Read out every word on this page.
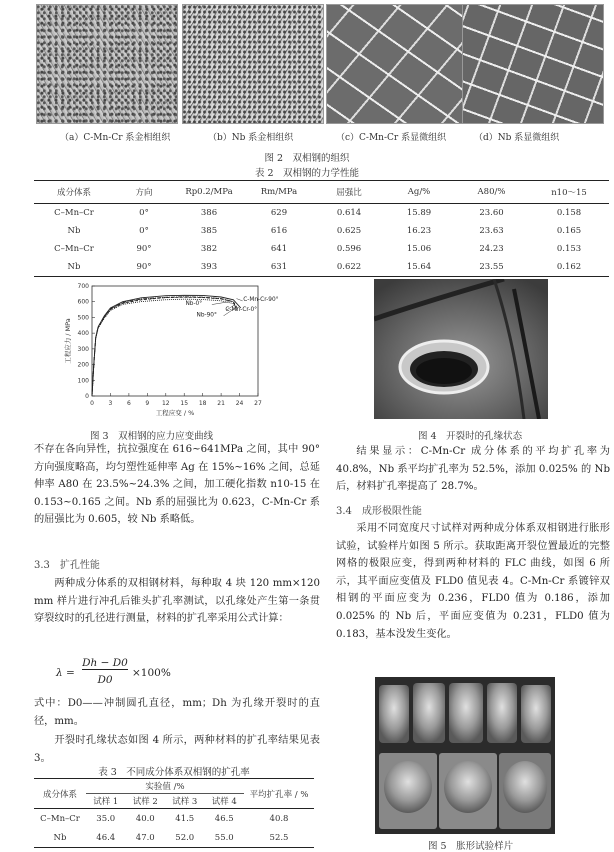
（a）C-Mn-Cr 系金相组织	（b）Nb 系金相组织	（c）C-Mn-Cr 系显微组织	（d）Nb 系显微组织
图 2　双相钢的组织
表 2　双相钢的力学性能
成分体系	方向	Rp0.2/MPa	Rm/MPa	屈强比	Ag/%	A80/%	n10～15
C–Mn–Cr	0°	386	629	0.614	15.89	23.60	0.158
Nb	0°	385	616	0.625	16.23	23.63	0.165
C–Mn–Cr	90°	382	641	0.596	15.06	24.23	0.153
Nb	90°	393	631	0.622	15.64	23.55	0.162
0 3 6 9 12 15 18 21 24 27
0
100
200
300
400
500
600
700
工程应变 / %
工程应力 / MPa
C-Mn-Cr-90°
Nb-0°
C-Mn-Cr-0°
Nb-90°
图 3　双相钢的应力应变曲线	图 4　开裂时的孔缘状态
不存在各向异性，抗拉强度在 616~641MPa 之间，其中 90° 方向强度略高，均匀塑性延伸率 Ag 在 15%~16% 之间，总延伸率 A80 在 23.5%~24.3% 之间，加工硬化指数 n10-15 在 0.153~0.165 之间。Nb 系的屈强比为 0.623，C-Mn-Cr 系的屈强比为 0.605，较 Nb 系略低。
3.3　扩孔性能
两种成分体系的双相钢材料，每种取 4 块 120 mm×120 mm 样片进行冲孔后锥头扩孔率测试，以孔缘处产生第一条贯穿裂纹时的孔径进行测量，材料的扩孔率采用公式计算：
λ =
Dh − D0
D0
×100%
式中：D0——冲制圆孔直径，mm；Dh 为孔缘开裂时的直径，mm。
开裂时孔缘状态如图 4 所示，两种材料的扩孔率结果见表 3。
表 3　不同成分体系双相钢的扩孔率
成分体系	实验值 /%				平均扩孔率 / %
	试样 1	试样 2	试样 3	试样 4	
C–Mn–Cr	35.0	40.0	41.5	46.5	40.8
Nb	46.4	47.0	52.0	55.0	52.5
结果显示：C-Mn-Cr 成分体系的平均扩孔率为 40.8%，Nb 系平均扩孔率为 52.5%，添加 0.025% 的 Nb 后，材料扩孔率提高了 28.7%。
3.4　成形极限性能
采用不同宽度尺寸试样对两种成分体系双相钢进行胀形试验，试验样片如图 5 所示。获取距离开裂位置最近的完整网格的极限应变，得到两种材料的 FLC 曲线，如图 6 所示，其平面应变值及 FLD0 值见表 4。C-Mn-Cr 系镀锌双相钢的平面应变为 0.236，FLD0 值为 0.186，添加 0.025% 的 Nb 后，平面应变值为 0.231，FLD0 值为 0.183，基本没发生变化。
图 5　胀形试验样片
